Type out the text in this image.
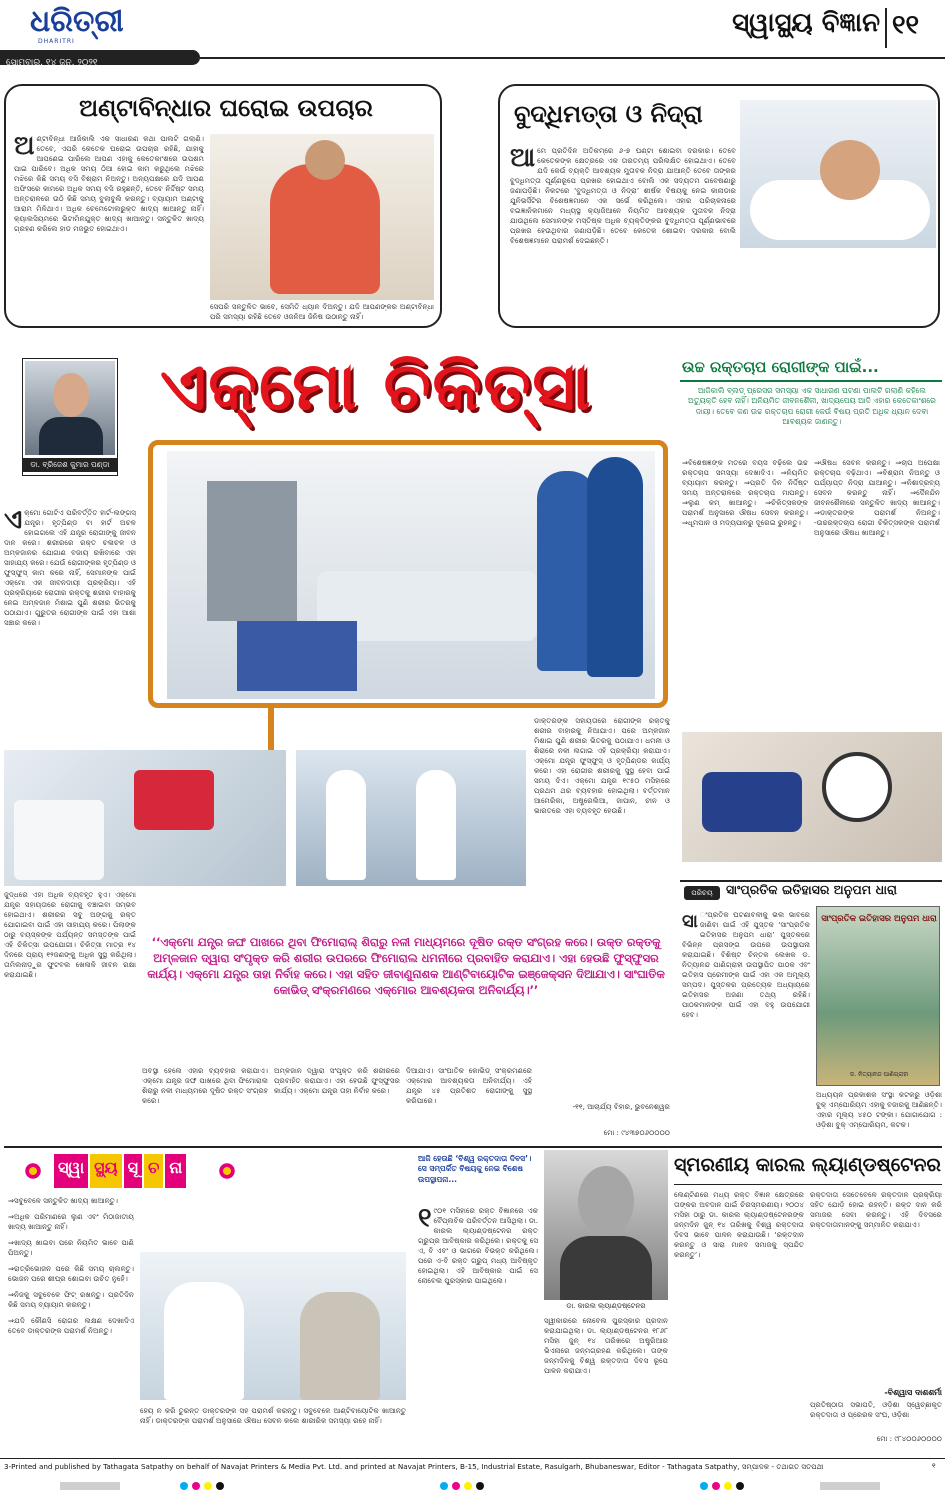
ଧରିତ୍ରୀ
DHARITRI
ସୋମବାର, ୧୪ ଜୁନ୍, ୨୦୨୧
ସ୍ୱାସ୍ଥ୍ୟ ବିଜ୍ଞାନ ୧୧
ଅଣ୍ଟାବିନ୍ଧାର ଘରୋଇ ଉପଚାର
ଅଣ୍ଟାବିନ୍ଧା ଆଜିକାଲି ଏକ ସାଧାରଣ କଥା ପାଲଟି ଗଲାଣି। ତେବେ, ଏପରି କେତେକ ଘରୋଇ ଉପଚାର ରହିଛି, ଯାହାକୁ ଆପଣେଇ ପାରିଲେ ଆପଣ ଏହାକୁ କେତେକାଂଶରେ ଉପଶମ ପାଇ ପାରିବେ। ଅଧିକ ସମୟ ଠିଆ ହୋଇ କାମ କରୁଥିଲେ ମଝିରେ ମଝିରେ କିଛି ସମୟ ବସି ବିଶ୍ରାମ ନିଅନ୍ତୁ। ଅନ୍ୟପକ୍ଷରେ ଯଦି ଆପଣ ଅଫିସରେ କାମରେ ଅଧିକ ସମୟ ବସି ରହୁଛନ୍ତି, ତେବେ ନିର୍ଦ୍ଦିଷ୍ଟ ସମୟ ଅନ୍ତରାଳରେ ଉଠି କିଛି ସମୟ ବୁଲାବୁଲି କରନ୍ତୁ। ବ୍ୟାୟାମ ଅଣ୍ଟାକୁ ଆରାମ ମିଳିଥାଏ। ଅଧିକ ଚେମେଟୋଲରୁକ୍ତ ଖାଦ୍ୟ ଖାଆନ୍ତୁ ନାହିଁ। କ୍ୟାଲସିୟମରେ ଭିଟାମିନଯୁକ୍ତ ଖାଦ୍ୟ ଖାଆନ୍ତୁ। ସନ୍ତୁଳିତ ଖାଦ୍ୟ ଗ୍ରହଣ କରିଲେ ହାଡ ମଜଭୁତ ହୋଇଥାଏ।
ସେପରି ସନ୍ତୁଳିତ ଭାବେ, ସେମିତି ଧ୍ୟାନ ଦିଅନ୍ତୁ। ଯଦି ଆପଣଙ୍କର ଅଣ୍ଟାବିନ୍ଧା ପରି ସମସ୍ୟା ରହିଛି ତେବେ ଓଜନିଆ ଜିନିଷ ଉଠାନ୍ତୁ ନାହିଁ।
ବୁଦ୍ଧିମତ୍ତା ଓ ନିଦ୍ରା
ଆମେ ପ୍ରତିଦିନ ଅତିକମ୍‌ରେ ୬-୭ ଘଣ୍ଟା ଶୋଇବା ଦରକାର। ତେବେ କେତେକଙ୍କ କ୍ଷେତ୍ରରେ ଏକ ତାରତମ୍ୟ ପରିଲକ୍ଷିତ ହୋଇଥାଏ। ତେବେ ଯଦି କେଉଁ ବ୍ୟକ୍ତି ଆବଶ୍ୟକ ମୁତାବକ ନିଦ୍ରା ଯାଆନ୍ତି ତେବେ ତାଙ୍କର ବୁଦ୍ଧିମତ୍ତା ପୂର୍ଣ୍ଣରୂପେ ପ୍ରଖର ହୋଇଥାଏ ବୋଲି ଏକ ସଦ୍ୟତମ ଗବେଷଣାରୁ ଜଣାପଡ଼ିଛି। ନିକଟରେ ‘ବୁଦ୍ଧିମତ୍ତା ଓ ନିଦ୍ରା’ ଶୀର୍ଷକ ବିଷୟକୁ ନେଇ କାନାଡାର ଯୁନିଭର୍ସିଟିର ବିଶେଷଜ୍ଞମାନେ ଏକ ସର୍ଭେ କରିଥିଲେ। ଏହାର ପରିଚାଳନାରେ ବଇଜ୍ଞାନିକମାନେ ମଧ୍ୟସ୍ଥ କ୍ୟାଜିଆନେ ନିୟମିତ ଆବଶ୍ୟକ ମୁତାବକ ନିଦ୍ରା ଯାଉଥିଲେ ସେମାନଙ୍କ ମସ୍ତିଷ୍କ ଅଧିକ ବ୍ୟକ୍ତିଙ୍କର ବୁଦ୍ଧିମତ୍ତା ପୂର୍ଣ୍ଣଭାବରେ ପ୍ରଖର ହେଉଥିବାର ଜଣାପଡ଼ିଛି। ତେବେ କେତେକ ଶୋଇବା ଦରକାର ବୋଲି ବିଶେଷଜ୍ଞମାନେ ପରାମର୍ଶ ଦେଇଛନ୍ତି।
ଡା. ବ୍ରିଜେଶ କୁମାର ପଣ୍ଡା
ଏକ୍‌ମୋ ଚିକିତ୍ସା
ଏକ୍‌ମୋ ଗୋଟିଏ ପରିବର୍ତ୍ତିତ ହାର୍ଟ-ଲଙ୍ଗସ୍ ଯନ୍ତ୍ର। ହୃତ୍‌ପିଣ୍ଡ ବା ହାର୍ଟ ଅଚଳ ହୋଇଗଲେ ଏହି ଯନ୍ତ୍ର ରୋଗୀଙ୍କୁ ଜୀବନ ଦାନ କରେ। ଶରୀରରେ ରକ୍ତ ଚଳାଚଳ ଓ ଅମ୍ଳଜାନର ଯୋଗାଣ ବଜାୟ ରଖିବାରେ ଏହା ସାହାଯ୍ୟ କରେ। ଯେଉଁ ରୋଗୀଙ୍କର ହୃତ୍‌ପିଣ୍ଡ ଓ ଫୁସ୍‌ଫୁସ୍ କାମ କରେ ନାହିଁ, ସେମାନଙ୍କ ପାଇଁ ଏକ୍‌ମୋ ଏକ ଜୀବନଦାୟୀ ପ୍ରକ୍ରିୟା। ଏହି ପ୍ରକ୍ରିୟାରେ ରୋଗୀର ରକ୍ତକୁ ଶରୀର ବାହାରକୁ ନେଇ ଅମ୍ଳଜାନ ମିଶାଇ ପୁଣି ଶରୀର ଭିତରକୁ ପଠାଯାଏ। ଗୁରୁତର ରୋଗୀଙ୍କ ପାଇଁ ଏହା ଆଶା ସଞ୍ଚାର କରେ।
ଡାକ୍ତରଙ୍କ ସହାୟତାରେ ରୋଗୀଙ୍କ ରକ୍ତକୁ ଶରୀର ବାହାରକୁ ନିଆଯାଏ। ପରେ ଅମ୍ଳଜାନ ମିଶାଇ ପୁଣି ଶରୀର ଭିତରକୁ ପଠାଯାଏ। ଧମନୀ ଓ ଶିରାରେ ନଳୀ ଲଗାଇ ଏହି ପ୍ରକ୍ରିୟା କରାଯାଏ। ଏକ୍‌ମୋ ଯନ୍ତ୍ର ଫୁସ୍‌ଫୁସ୍ ଓ ହୃତ୍‌ପିଣ୍ଡର କାର୍ଯ୍ୟ କରେ। ଏହା ରୋଗୀର ଶରୀରକୁ ସୁସ୍ଥ ହେବା ପାଇଁ ସମୟ ଦିଏ। ଏକ୍‌ମୋ ଯନ୍ତ୍ର ୧୯୫୦ ମସିହାରେ ପ୍ରଥମ ଥର ବ୍ୟବହାର ହୋଇଥିଲା। ବର୍ତ୍ତମାନ ଆମେରିକା, ଅଷ୍ଟ୍ରେଲିଆ, ଜାପାନ, ଚୀନ ଓ ଭାରତରେ ଏହା ବ୍ୟବହୃତ ହେଉଛି।
ଜୁଦ୍ଧରେ ଏହା ଅଧିକ ବ୍ୟବହୃତ ହୁଏ। ଏକ୍‌ମୋ ଯନ୍ତ୍ର ସହାୟତାରେ ରୋଗୀକୁ ବଞ୍ଚାଇବା ସମ୍ଭବ ହୋଇଥାଏ। ଶରୀରର ସବୁ ଅଙ୍ଗକୁ ରକ୍ତ ଯୋଗାଇବା ପାଇଁ ଏହା ସାହାଯ୍ୟ କରେ। ପିଲାଙ୍କ ଠାରୁ ବୟସ୍କଙ୍କ ପର୍ଯ୍ୟନ୍ତ ସମସ୍ତଙ୍କ ପାଇଁ ଏହି ଚିକିତ୍ସା ଉପଯୋଗୀ। ଚିକିତ୍ସା ମାତ୍ର ୧୪ ଦିନରେ ପ୍ରାୟ ୧୨ଜଣଙ୍କୁ ଅଧିକ ସୁସ୍ଥ କରିଥିଲା। ତାମିଲନାଡ଼ୁର ଫୁଟବଲ ଖେଳାଳି ଜୀବନ ରକ୍ଷା କରାଯାଇଛି।
‘‘ଏକ୍‌ମୋ ଯନ୍ତ୍ର ଜଙ୍ଘ ପାଖରେ ଥିବା ଫିମୋରାଲ୍ ଶିରାରୁ ନଳୀ ମାଧ୍ୟମରେ ଦୂଷିତ ରକ୍ତ ସଂଗ୍ରହ କରେ। ଉକ୍ତ ରକ୍ତକୁ ଅମ୍ଳଜାନ ଦ୍ୱାରା ସଂପୃକ୍ତ କରି ଶରୀର ଉପରରେ ଫିମୋରାଲ ଧମନୀରେ ପ୍ରବାହିତ କରାଯାଏ। ଏହା ହେଉଛି ଫୁସ୍‌ଫୁସର କାର୍ଯ୍ୟ। ଏକ୍‌ମୋ ଯନ୍ତ୍ର ତାହା ନିର୍ବାହ କରେ। ଏହା ସହିତ ଜୀବାଣୁନାଶକ ଆଣ୍ଟିବାୟୋଟିକ ଇଞ୍ଜେକ୍ସନ ଦିଆଯାଏ। ସାଂଘାତିକ କୋଭିଡ୍ ସଂକ୍ରମଣରେ ଏକ୍‌ମୋର ଆବଶ୍ୟକତା ଅନିବାର୍ଯ୍ୟ।’’
ଅବସ୍ଥା ହେଲେ ଏହାର ବ୍ୟବହାର କରାଯାଏ। ଏକ୍‌ମୋ ଯନ୍ତ୍ର ଜଙ୍ଘ ପାଖରେ ଥିବା ଫିମୋରାଲ ଶିରାରୁ ନଳୀ ମାଧ୍ୟମରେ ଦୂଷିତ ରକ୍ତ ସଂଗ୍ରହ କରେ।
ଅମ୍ଳଜାନ ଦ୍ୱାରା ସଂପୃକ୍ତ କରି ଶରୀରରେ ପ୍ରବାହିତ କରାଯାଏ। ଏହା ହେଉଛି ଫୁସ୍‌ଫୁସର କାର୍ଯ୍ୟ। ଏକ୍‌ମୋ ଯନ୍ତ୍ର ତାହା ନିର୍ବାହ କରେ।
ଦିଆଯାଏ। ସାଂଘାତିକ କୋଭିଡ୍ ସଂକ୍ରମଣରେ ଏକ୍‌ମୋର ଆବଶ୍ୟକତା ଅନିବାର୍ଯ୍ୟ। ଏହି ଯନ୍ତ୍ର ୪୫ ପ୍ରତିଶତ ରୋଗୀଙ୍କୁ ସୁସ୍ଥ କରିପାରେ।
-୧୧, ଆଚାର୍ଯ୍ୟ ବିହାର, ଭୁବନେଶ୍ୱର
ମୋ : ୯୪୩୭୦୬୦୦୦୦
ଉଚ୍ଚ ରକ୍ତଚାପ ରୋଗୀଙ୍କ ପାଇଁ...
ଆଜିକାଲି ବ୍ଲଡ୍ ପ୍ରେସର ସମସ୍ୟା ଏକ ସାଧାରଣ ଘଟଣା ପାଲଟି ଗଲାଣି କହିଲେ ଅତ୍ୟୁକ୍ତି ହେବ ନାହିଁ। ଅନିୟମିତ ଜୀବନଶୈଳୀ, ଖାଦ୍ୟପେୟ ଆଦି ଏହାର କେତେକାଂଶରେ ଦାୟୀ। ତେବେ କଣ ଉଚ୍ଚ ରକ୍ତଚାପ ରୋଗୀ କେଉଁ ବିଷୟ ପ୍ରତି ଅଧିକ ଧ୍ୟାନ ଦେବା ଆବଶ୍ୟକ ଜାଣନ୍ତୁ।
⇒ବିଶେଷଜ୍ଞଙ୍କ ମତରେ ବୟସ ବଢ଼ିଲେ ଉଚ୍ଚ ରକ୍ତଚାପ ସମସ୍ୟା ଦେଖାଦିଏ। ⇒ନିୟମିତ ବ୍ୟାୟାମ କରନ୍ତୁ। ⇒ପ୍ରତି ଦିନ ନିର୍ଦ୍ଦିଷ୍ଟ ସମୟ ଅନ୍ତରାଳରେ ରକ୍ତଚାପ ମାପନ୍ତୁ। ⇒ଲୁଣ କମ୍ ଖାଆନ୍ତୁ। ⇒ଚିକିତ୍ସକଙ୍କ ପରାମର୍ଶ ଅନୁସାରେ ଔଷଧ ସେବନ କରନ୍ତୁ। ⇒ଧୂମପାନ ଓ ମଦ୍ୟପାନରୁ ଦୂରେଇ ରୁହନ୍ତୁ।
⇒ଔଷଧ ସେବନ କରନ୍ତୁ। ⇒ଚାପ ଅପେକ୍ଷା ରକ୍ତଚାପ ବଢ଼ିଥାଏ। ⇒ବିଶ୍ରାମ ନିଅନ୍ତୁ ଓ ପର୍ଯ୍ୟାପ୍ତ ନିଦ୍ରା ଯାଆନ୍ତୁ। ⇒ନିଶାଦ୍ରବ୍ୟ ସେବନ କରନ୍ତୁ ନାହିଁ। ⇒ଦୈନନ୍ଦିନ ଜୀବନଶୈଳୀରେ ସନ୍ତୁଳିତ ଖାଦ୍ୟ ଖାଆନ୍ତୁ। ⇒ଡାକ୍ତରଙ୍କ ପରାମର୍ଶ ନିଅନ୍ତୁ। -ଉଚ୍ଚରକ୍ତଚାପ ରୋଗୀ ଚିକିତ୍ସକଙ୍କ ପରାମର୍ଶ ଅନୁସାରେ ଔଷଧ ଖାଆନ୍ତୁ।
ପରିଚୟ	ସାଂପ୍ରତିକ ଇତିହାସର ଅନୁପମ ଧାରା
ସା ଂପ୍ରତିକ ଘଟଣାବଳୀକୁ ଭଲ ଭାବରେ ଜାଣିବା ପାଇଁ ଏହି ପୁସ୍ତକ ‘ସାଂପ୍ରତିକ ଇତିହାସର ଅନୁପମ ଧାରା’ ପୁସ୍ତକରେ ବିଭିନ୍ନ ପ୍ରସଙ୍ଗ ଉପରେ ଉପସ୍ଥାପନା କରାଯାଇଛି। ବିଶିଷ୍ଟ ଚିନ୍ତକ ଲେଖକ ଡ. ନିତ୍ୟାନନ୍ଦ ପାଣିଗ୍ରାହୀ ଉପସ୍ଥାପିତ ପାଠକ ଏବଂ ଇତିହାସ ପ୍ରେମୀଙ୍କ ପାଇଁ ଏହା ଏକ ଅମୂଲ୍ୟ ସମ୍ପଦ। ପୁସ୍ତକର ପ୍ରତ୍ୟେକ ଅଧ୍ୟାୟରେ ଇତିହାସର ଅଜଣା ତଥ୍ୟ ରହିଛି। ପାଠକମାନଙ୍କ ପାଇଁ ଏହା ବହୁ ଉପଯୋଗୀ ହେବ।
ସାଂପ୍ରତିକ ଇତିହାସର ଅନୁପମ ଧାରା
ଡ. ନିତ୍ୟାନନ୍ଦ ପାଣିଗ୍ରାହୀ
ଅଧ୍ୟୟନ ପ୍ରକାଶକ ସଂସ୍ଥା କଟକରୁ ଓଡ଼ିଶା ବୁକ୍ ଏମ୍ପୋରିୟମ ଏହାକୁ ବଜାରକୁ ଆଣିଛନ୍ତି। ଏହାର ମୂଲ୍ୟ ୪୫୦ ଟଙ୍କା। ଯୋଗାଯୋଗ : ଓଡ଼ିଶା ବୁକ୍ ଏମ୍ପୋରିୟମ, କଟକ।
ସ୍ୱା ସ୍ଥ୍ୟ ସୂ ଚ ନା
⇒ସବୁବେଳେ ସନ୍ତୁଳିତ ଖାଦ୍ୟ ଖାଆନ୍ତୁ।
⇒ଅଧିକ ପରିମାଣରେ ଲୁଣ ଏବଂ ମିଠାଜାତୀୟ ଖାଦ୍ୟ ଖାଆନ୍ତୁ ନାହିଁ।
⇒ଖାଦ୍ୟ ଖାଇବା ପରେ ନିୟମିତ ଭାବେ ପାଣି ପିଅନ୍ତୁ।
⇒ରାତ୍ରିଭୋଜନ ପରେ କିଛି ସମୟ ଚାଲନ୍ତୁ। ଭୋଜନ ପରେ ଶୀଘ୍ର ଶୋଇବା ଉଚିତ ନୁହେଁ।
⇒ନିଜକୁ ସବୁବେଳେ ଫିଟ୍ ରଖନ୍ତୁ। ପ୍ରତିଦିନ କିଛି ସମୟ ବ୍ୟାୟାମ କରନ୍ତୁ।
⇒ଯଦି କୌଣସି ରୋଗର ଲକ୍ଷଣ ଦେଖାଦିଏ ତେବେ ଡାକ୍ତରଙ୍କ ପରାମର୍ଶ ନିଅନ୍ତୁ।
ହେୟ ନ କରି ତୁରନ୍ତ ଡାକ୍ତରଙ୍କ ସହ ପରାମର୍ଶ କରନ୍ତୁ। ସବୁବେଳେ ଆଣ୍ଟିବାୟୋଟିକ ଖାଆନ୍ତୁ ନାହିଁ। ଡାକ୍ତରଙ୍କ ପରାମର୍ଶ ଅନୁସାରେ ଔଷଧ ସେବନ କଲେ ଶାରୀରିକ ସମସ୍ୟା ରହେ ନାହିଁ।
ଆଜି ହେଉଛି ‘ବିଶ୍ୱ ରକ୍ତଦାତା ଦିବସ’। ସେ ସମ୍ପର୍କିତ ବିଷୟକୁ ନେଇ ବିଶେଷ ଉପସ୍ଥାପନା...
ଡା. କାରଲ ଲ୍ୟାଣ୍ଡଷ୍ଟେନର
ସ୍ମରଣୀୟ କାରଲ ଲ୍ୟାଣ୍ଡଷ୍ଟେନର
୧ ୯୦୧ ମସିହାରେ ରକ୍ତ ବିଜ୍ଞାନରେ ଏକ ବୈପ୍ଲବିକ ପରିବର୍ତ୍ତନ ଆସିଥିଲା। ଡା. କାରଲ ଲ୍ୟାଣ୍ଡଷ୍ଟେନର ରକ୍ତ ଗ୍ରୁପ୍‌ର ଆବିଷ୍କାର କରିଥିଲେ। ରକ୍ତକୁ ସେ ଏ, ବି ଏବଂ ଓ ଭାଗରେ ବିଭକ୍ତ କରିଥିଲେ। ପରେ ଏ-ବି ରକ୍ତ ଗ୍ରୁପ୍ ମଧ୍ୟ ଆବିଷ୍କୃତ ହୋଇଥିଲା। ଏହି ଆବିଷ୍କାର ପାଇଁ ସେ ନୋବେଲ ପୁରସ୍କାର ପାଇଥିଲେ।
ସ୍ୱୀକାରରେ ନୋବେଲ ପୁରସ୍କାର ପ୍ରଦାନ କରାଯାଇଥିଲା। ଡା. ଲ୍ୟାଣ୍ଡଷ୍ଟେନର ୧୮୬୮ ମସିହା ଜୁନ୍ ୧୪ ତାରିଖରେ ଅଷ୍ଟ୍ରିଆର ଭିଏନାରେ ଜନ୍ମଗ୍ରହଣ କରିଥିଲେ। ତାଙ୍କ ଜନ୍ମଦିନକୁ ବିଶ୍ୱ ରକ୍ତଦାତା ଦିବସ ରୂପେ ପାଳନ କରାଯାଏ।
ଲେଣ୍ଟିଣରେ ମଧ୍ୟ ରକ୍ତ ବିଜ୍ଞାନ କ୍ଷେତ୍ରରେ ତାଙ୍କର ଅବଦାନ ପାଇଁ ଚିରସ୍ମରଣୀୟ। ୨୦୦୪ ମସିହା ଠାରୁ ଡା. କାରଲ ଲ୍ୟାଣ୍ଡଷ୍ଟେନରଙ୍କ ଜନ୍ମଦିନ ଜୁନ୍ ୧୪ ତାରିଖକୁ ବିଶ୍ୱ ରକ୍ତଦାତା ଦିବସ ଭାବେ ପାଳନ କରାଯାଉଛି। ‘ରକ୍ତଦାନ କରନ୍ତୁ ଓ ସାରା ମାନବ ସମାଜକୁ ସ୍ପନ୍ଦିତ କରନ୍ତୁ’।
ରକ୍ତଦାତା ସେତେବେଳେ ରକ୍ତଦାନ ପ୍ରକ୍ରିୟା ସହିତ ଯୋଡ଼ି ହୋଇ ରହନ୍ତି। ରକ୍ତ ଦାନ କରି ସମାଜର ସେବା କରନ୍ତୁ। ଏହି ଦିବସରେ ରକ୍ତଦାତାମାନଙ୍କୁ ସମ୍ମାନିତ କରାଯାଏ।
-ବିଶ୍ୱାସ ଦାଶଶର୍ମା
ପ୍ରତିଷ୍ଠାତା ସଭାପତି, ଓଡ଼ିଶା ସ୍ୱେଚ୍ଛାକୃତ ରକ୍ତଦାତା ଓ ପ୍ରେରକ ସଂଘ, ଓଡ଼ିଶା
ମୋ : ୯୮୪୦୦୬୦୦୦୦
3-Printed and published by Tathagata Satpathy on behalf of Navajat Printers & Media Pvt. Ltd. and printed at Navajat Printers, B-15, Industrial Estate, Rasulgarh, Bhubaneswar, Editor - Tathagata Satpathy, ସମ୍ପାଦକ - ତଥାଗତ ସତପଥୀ	୧
